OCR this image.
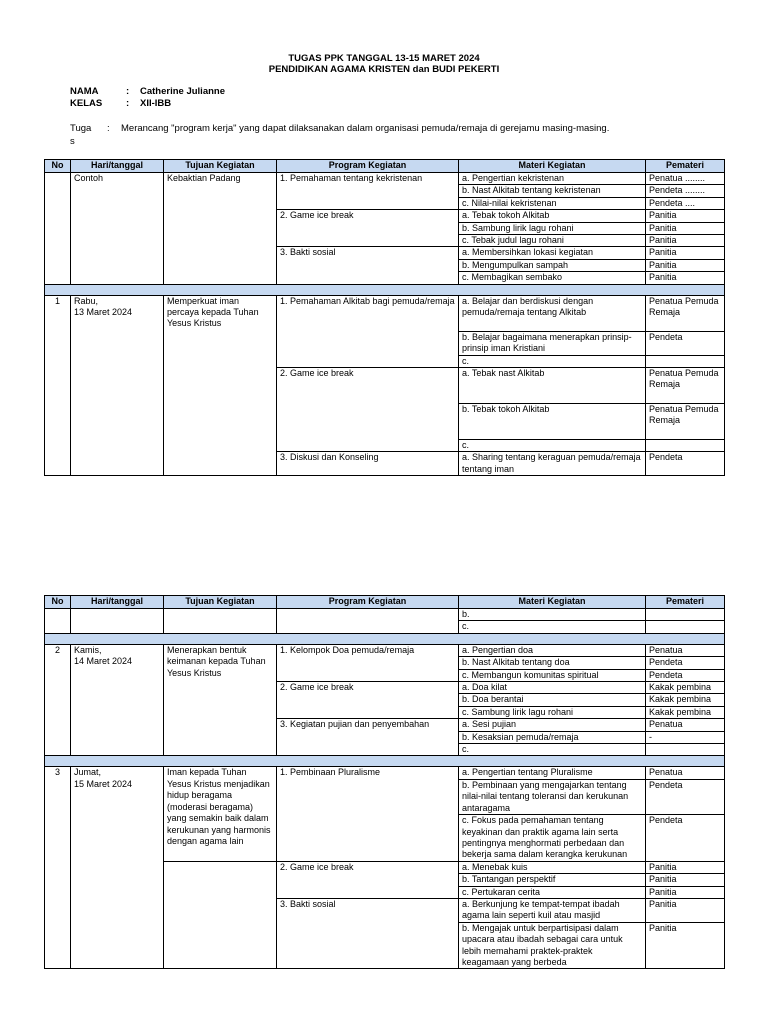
TUGAS PPK TANGGAL 13-15 MARET 2024
PENDIDIKAN AGAMA KRISTEN dan BUDI PEKERTI
NAMA	: Catherine Julianne
KELAS	: XII-IBB
Tuga
s
: Merancang "program kerja" yang dapat dilaksanakan dalam organisasi pemuda/remaja di gerejamu masing-masing.
No	Hari/tanggal	Tujuan Kegiatan	Program Kegiatan	Materi Kegiatan	Pemateri
	Contoh	Kebaktian Padang	1. Pemahaman tentang kekristenan	a. Pengertian kekristenan	Penatua ........
				b. Nast Alkitab tentang kekristenan	Pendeta ........
				c. Nilai-nilai kekristenan	Pendeta ....
			2. Game ice break	a. Tebak tokoh Alkitab	Panitia
				b. Sambung lirik lagu rohani	Panitia
				c. Tebak judul lagu rohani	Panitia
			3. Bakti sosial	a. Membersihkan lokasi kegiatan	Panitia
				b. Mengumpulkan sampah	Panitia
				c. Membagikan sembako	Panitia

1	Rabu,
13 Maret 2024	Memperkuat iman percaya kepada Tuhan Yesus Kristus	1. Pemahaman Alkitab bagi pemuda/remaja	a. Belajar dan berdiskusi dengan pemuda/remaja tentang Alkitab	Penatua Pemuda Remaja
				b. Belajar bagaimana menerapkan prinsip-prinsip iman Kristiani	Pendeta
				c.	
			2. Game ice break	a. Tebak nast Alkitab	Penatua Pemuda Remaja
				b. Tebak tokoh Alkitab	Penatua Pemuda Remaja
				c.	
			3. Diskusi dan Konseling	a. Sharing tentang keraguan pemuda/remaja tentang iman	Pendeta
No	Hari/tanggal	Tujuan Kegiatan	Program Kegiatan	Materi Kegiatan	Pemateri
				b.	
				c.	

2	Kamis,
14 Maret 2024	Menerapkan bentuk keimanan kepada Tuhan Yesus Kristus	1. Kelompok Doa pemuda/remaja	a. Pengertian doa	Penatua
				b. Nast Alkitab tentang doa	Pendeta
				c. Membangun komunitas spiritual	Pendeta
			2. Game ice break	a. Doa kilat	Kakak pembina
				b. Doa berantai	Kakak pembina
				c. Sambung lirik lagu rohani	Kakak pembina
			3. Kegiatan pujian dan penyembahan	a. Sesi pujian	Penatua
				b. Kesaksian pemuda/remaja	-
				c.	

3	Jumat,
15 Maret 2024	Iman kepada Tuhan Yesus Kristus menjadikan hidup beragama (moderasi beragama) yang semakin baik dalam kerukunan yang harmonis dengan agama lain	1. Pembinaan Pluralisme	a. Pengertian tentang Pluralisme	Penatua
				b. Pembinaan yang mengajarkan tentang nilai-nilai tentang toleransi dan kerukunan antaragama	Pendeta
				c. Fokus pada pemahaman tentang keyakinan dan praktik agama lain serta pentingnya menghormati perbedaan dan bekerja sama dalam kerangka kerukunan	Pendeta
			2. Game ice break	a. Menebak kuis	Panitia
				b. Tantangan perspektif	Panitia
				c. Pertukaran cerita	Panitia
			3. Bakti sosial	a. Berkunjung ke tempat-tempat ibadah agama lain seperti kuil atau masjid	Panitia
				b. Mengajak untuk berpartisipasi dalam upacara atau ibadah sebagai cara untuk lebih memahami praktek-praktek keagamaan yang berbeda	Panitia
